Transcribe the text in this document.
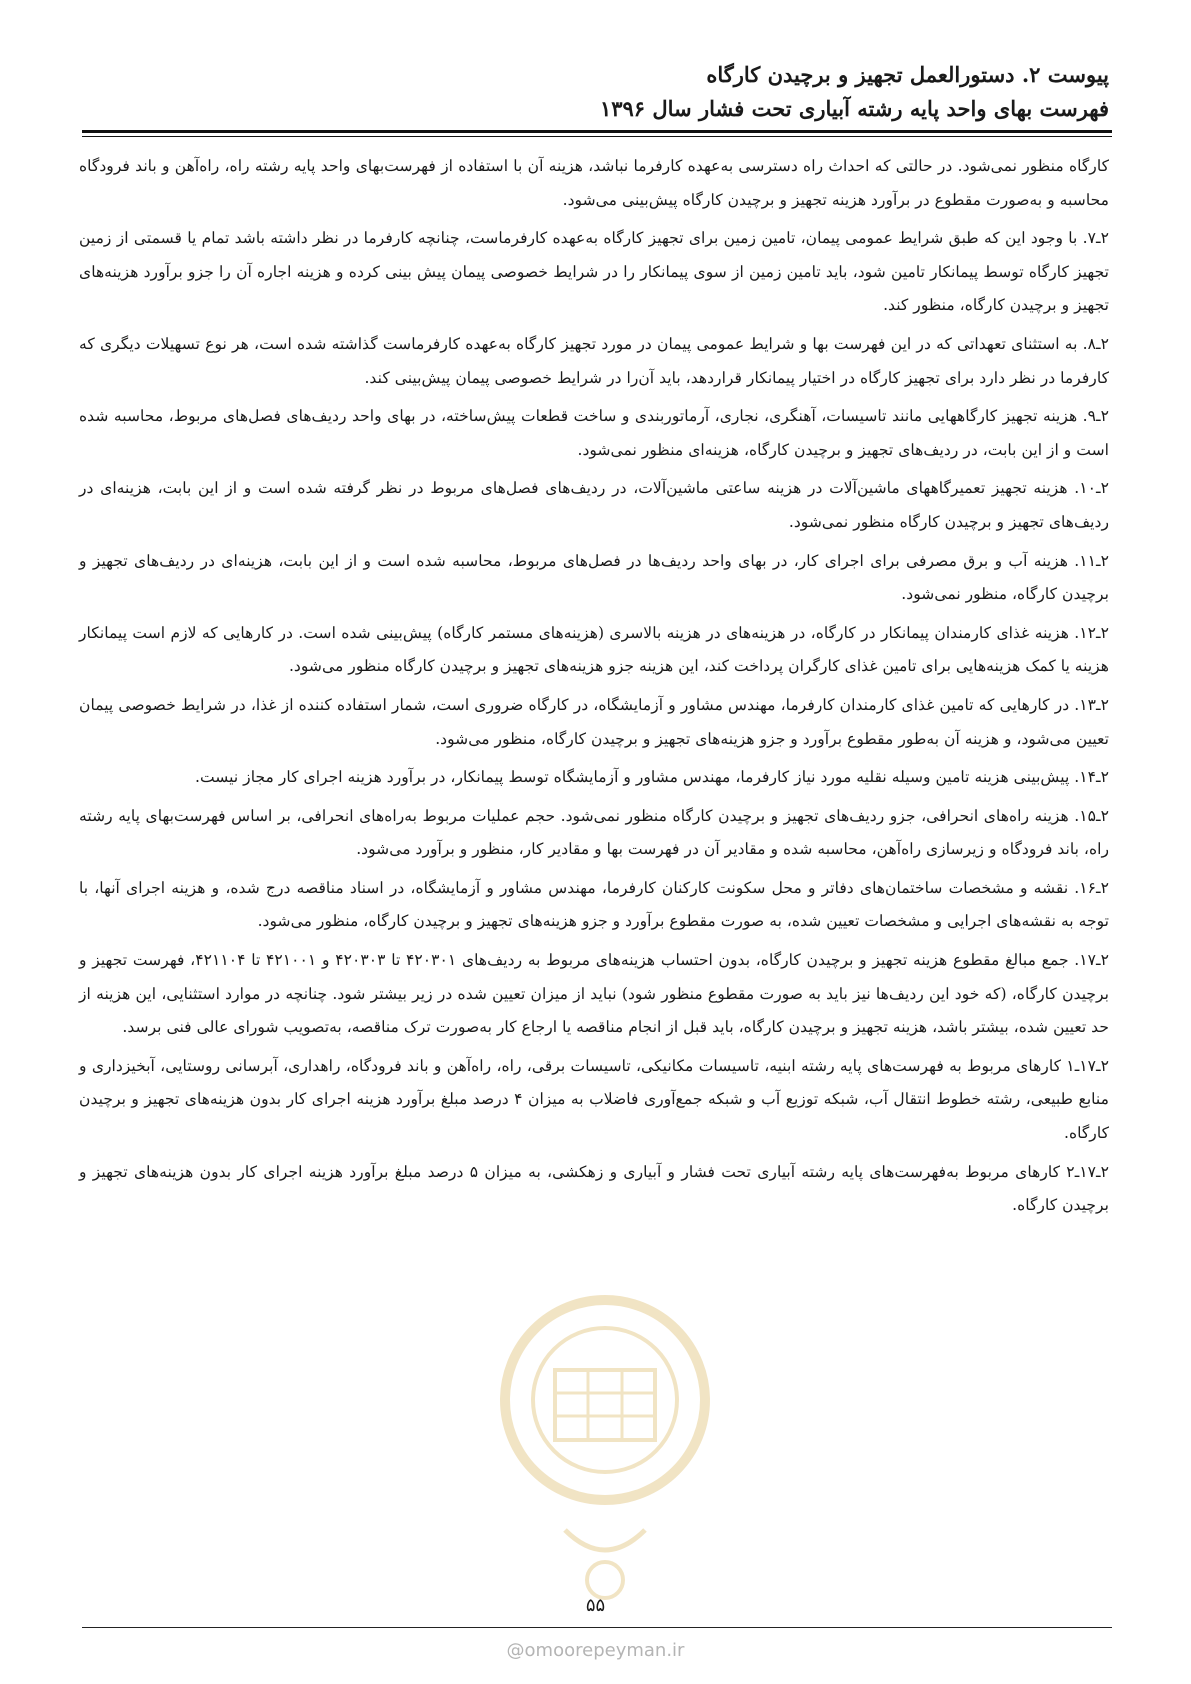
پیوست ۲. دستورالعمل تجهیز و برچیدن کارگاه
فهرست بهای واحد پایه رشته آبیاری تحت فشار سال ۱۳۹۶

کارگاه منظور نمی‌شود. در حالتی که احداث راه دسترسی به‌عهده کارفرما نباشد، هزینه آن با استفاده از فهرست‌بهای واحد پایه رشته راه، راه‌آهن و باند فرودگاه محاسبه و به‌صورت مقطوع در برآورد هزینه تجهیز و برچیدن کارگاه پیش‌بینی می‌شود.

۲ـ۷. با وجود این که طبق شرایط عمومی پیمان، تامین زمین برای تجهیز کارگاه به‌عهده کارفرماست، چنانچه کارفرما در نظر داشته باشد تمام یا قسمتی از زمین تجهیز کارگاه توسط پیمانکار تامین شود، باید تامین زمین از سوی پیمانکار را در شرایط خصوصی پیمان پیش بینی کرده و هزینه اجاره آن را جزو برآورد هزینه‌های تجهیز و برچیدن کارگاه، منظور کند.

۲ـ۸. به استثنای تعهداتی که در این فهرست بها و شرایط عمومی پیمان در مورد تجهیز کارگاه به‌عهده کارفرماست گذاشته شده است، هر نوع تسهیلات دیگری که کارفرما در نظر دارد برای تجهیز کارگاه در اختیار پیمانکار قراردهد، باید آن‌را در شرایط خصوصی پیمان پیش‌بینی کند.

۲ـ۹. هزینه تجهیز کارگاههایی مانند تاسیسات، آهنگری، نجاری، آرماتوربندی و ساخت قطعات پیش‌ساخته، در بهای واحد ردیف‌های فصل‌های مربوط، محاسبه شده است و از این بابت، در ردیف‌های تجهیز و برچیدن کارگاه، هزینه‌ای منظور نمی‌شود.

۲ـ۱۰. هزینه تجهیز تعمیرگاههای ماشین‌آلات در هزینه ساعتی ماشین‌آلات، در ردیف‌های فصل‌های مربوط در نظر گرفته شده است و از این بابت، هزینه‌ای در ردیف‌های تجهیز و برچیدن کارگاه منظور نمی‌شود.

۲ـ۱۱. هزینه آب و برق مصرفی برای اجرای کار، در بهای واحد ردیف‌ها در فصل‌های مربوط، محاسبه شده است و از این بابت، هزینه‌ای در ردیف‌های تجهیز و برچیدن کارگاه، منظور نمی‌شود.

۲ـ۱۲. هزینه غذای کارمندان پیمانکار در کارگاه، در هزینه‌های در هزینه بالاسری (هزینه‌های مستمر کارگاه) پیش‌بینی شده است. در کارهایی که لازم است پیمانکار هزینه یا کمک هزینه‌هایی برای تامین غذای کارگران پرداخت کند، این هزینه جزو هزینه‌های تجهیز و برچیدن کارگاه منظور می‌شود.

۲ـ۱۳. در کارهایی که تامین غذای کارمندان کارفرما، مهندس مشاور و آزمایشگاه، در کارگاه ضروری است، شمار استفاده کننده از غذا، در شرایط خصوصی پیمان تعیین می‌شود، و هزینه آن به‌طور مقطوع برآورد و جزو هزینه‌های تجهیز و برچیدن کارگاه، منظور می‌شود.

۲ـ۱۴. پیش‌بینی هزینه تامین وسیله نقلیه مورد نیاز کارفرما، مهندس مشاور و آزمایشگاه توسط پیمانکار، در برآورد هزینه اجرای کار مجاز نیست.

۲ـ۱۵. هزینه راه‌های انحرافی، جزو ردیف‌های تجهیز و برچیدن کارگاه منظور نمی‌شود. حجم عملیات مربوط به‌راه‌های انحرافی، بر اساس فهرست‌بهای پایه رشته راه، باند فرودگاه و زیرسازی راه‌آهن، محاسبه شده و مقادیر آن در فهرست بها و مقادیر کار، منظور و برآورد می‌شود.

۲ـ۱۶. نقشه و مشخصات ساختمان‌های دفاتر و محل سکونت کارکنان کارفرما، مهندس مشاور و آزمایشگاه، در اسناد مناقصه درج شده، و هزینه اجرای آنها، با توجه به نقشه‌های اجرایی و مشخصات تعیین شده، به صورت مقطوع برآورد و جزو هزینه‌های تجهیز و برچیدن کارگاه، منظور می‌شود.

۲ـ۱۷. جمع مبالغ مقطوع هزینه تجهیز و برچیدن کارگاه، بدون احتساب هزینه‌های مربوط به ردیف‌های ۴۲۰۳۰۱ تا ۴۲۰۳۰۳ و ۴۲۱۰۰۱ تا ۴۲۱۱۰۴، فهرست تجهیز و برچیدن کارگاه، (که خود این ردیف‌ها نیز باید به صورت مقطوع منظور شود) نباید از میزان تعیین شده در زیر بیشتر شود. چنانچه در موارد استثنایی، این هزینه از حد تعیین شده، بیشتر باشد، هزینه تجهیز و برچیدن کارگاه، باید قبل از انجام مناقصه یا ارجاع کار به‌صورت ترک مناقصه، به‌تصویب شورای عالی فنی برسد.

۲ـ۱۷ـ۱ کارهای مربوط به فهرست‌های پایه رشته ابنیه، تاسیسات مکانیکی، تاسیسات برقی، راه، راه‌آهن و باند فرودگاه، راهداری، آبرسانی روستایی، آبخیزداری و منابع طبیعی، رشته خطوط انتقال آب، شبکه توزیع آب و شبکه جمع‌آوری فاضلاب به میزان ۴ درصد مبلغ برآورد هزینه اجرای کار بدون هزینه‌های تجهیز و برچیدن کارگاه.

۲ـ۱۷ـ۲ کارهای مربوط به‌فهرست‌های پایه رشته آبیاری تحت فشار و آبیاری و زهکشی، به میزان ۵ درصد مبلغ برآورد هزینه اجرای کار بدون هزینه‌های تجهیز و برچیدن کارگاه.

۵۵
@omoorepeyman.ir
